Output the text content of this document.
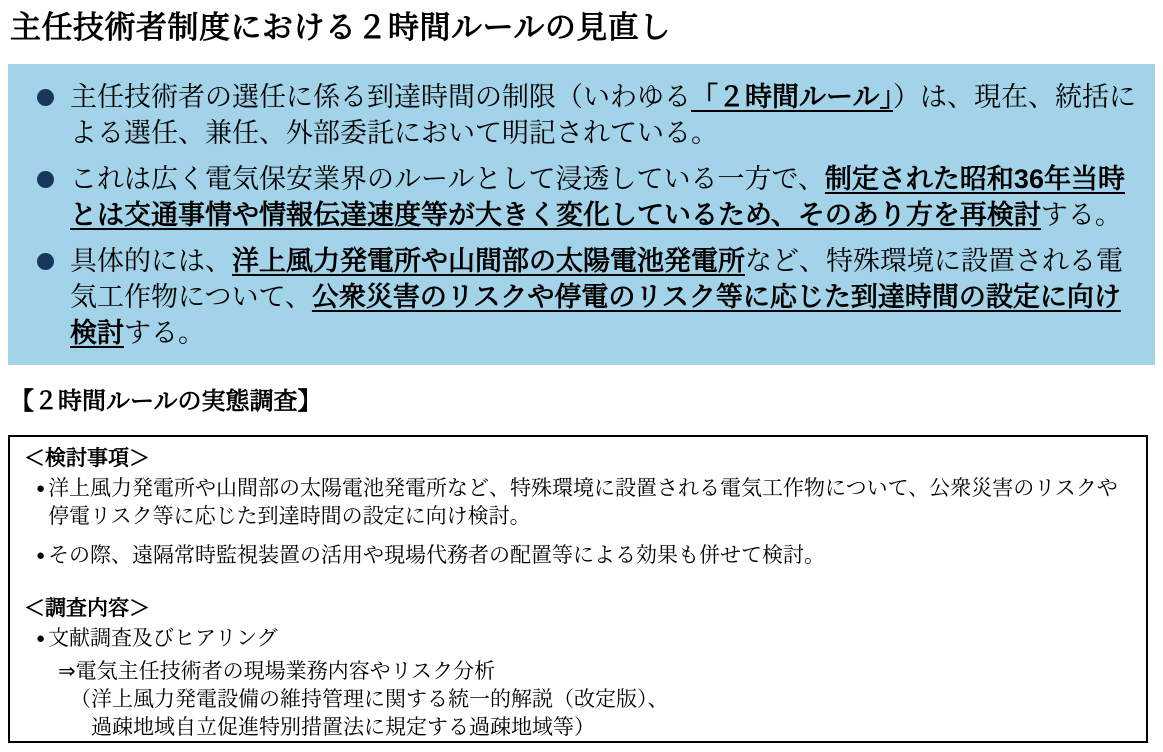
主任技術者制度における２時間ルールの見直し
主任技術者の選任に係る到達時間の制限（いわゆる「２時間ルール」）は、現在、統括による選任、兼任、外部委託において明記されている。
これは広く電気保安業界のルールとして浸透している一方で、制定された昭和36年当時とは交通事情や情報伝達速度等が大きく変化しているため、そのあり方を再検討する。
具体的には、洋上風力発電所や山間部の太陽電池発電所など、特殊環境に設置される電気工作物について、公衆災害のリスクや停電のリスク等に応じた到達時間の設定に向け検討する。
【２時間ルールの実態調査】
＜検討事項＞
● 洋上風力発電所や山間部の太陽電池発電所など、特殊環境に設置される電気工作物について、公衆災害のリスクや停電リスク等に応じた到達時間の設定に向け検討。
● その際、遠隔常時監視装置の活用や現場代務者の配置等による効果も併せて検討。
＜調査内容＞
● 文献調査及びヒアリング
⇒電気主任技術者の現場業務内容やリスク分析
（洋上風力発電設備の維持管理に関する統一的解説（改定版）、
過疎地域自立促進特別措置法に規定する過疎地域等）
